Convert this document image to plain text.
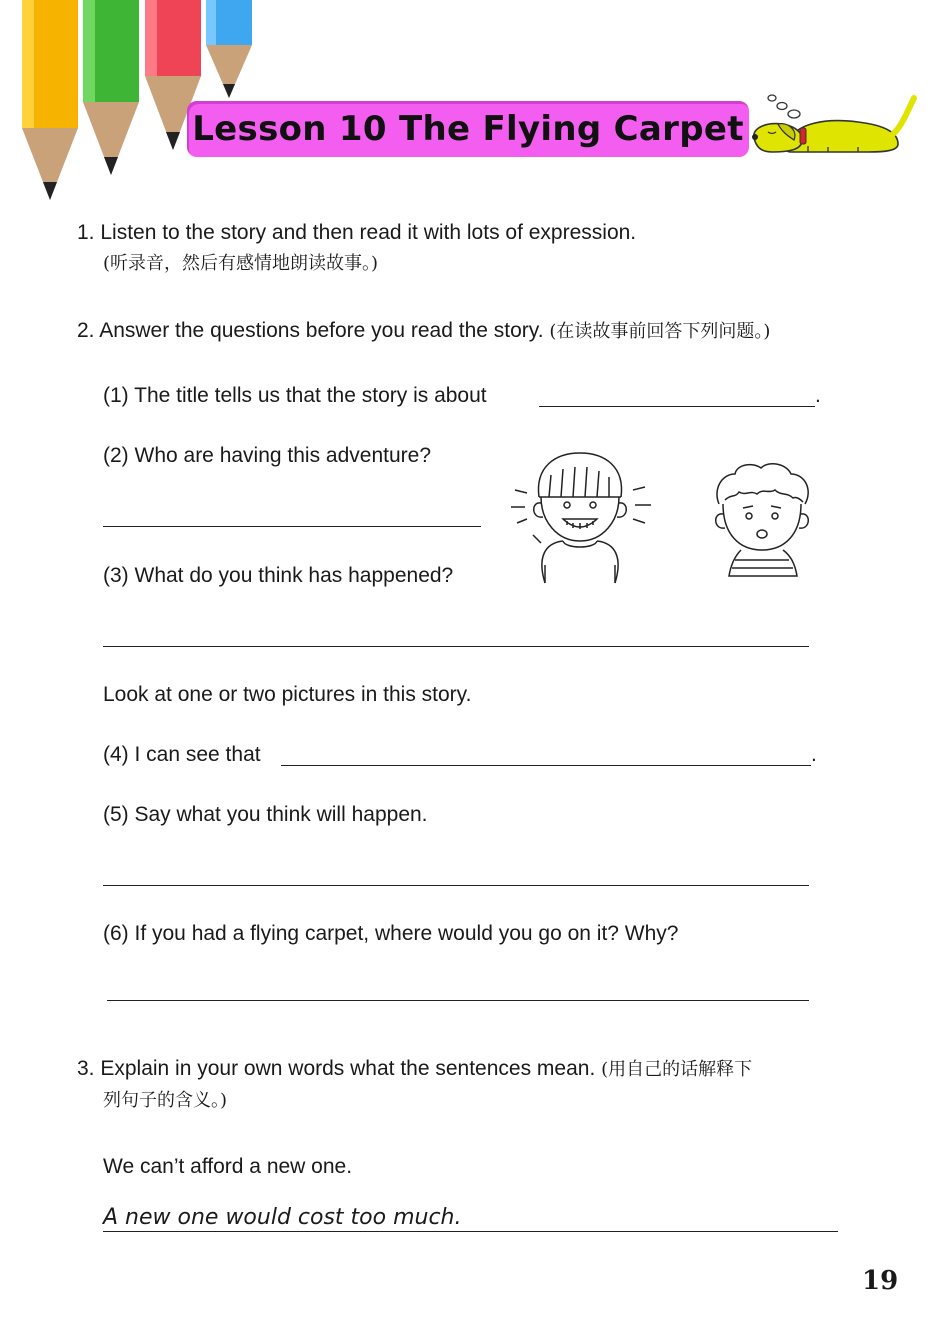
Lesson 10 The Flying Carpet
1. Listen to the story and then read it with lots of expression.
(听录音，然后有感情地朗读故事。)
2. Answer the questions before you read the story. (在读故事前回答下列问题。)
(1) The title tells us that the story is about	.
(2) Who are having this adventure?
(3) What do you think has happened?
Look at one or two pictures in this story.
(4) I can see that	.
(5) Say what you think will happen.
(6) If you had a flying carpet, where would you go on it? Why?
3. Explain in your own words what the sentences mean. (用自己的话解释下
列句子的含义。)
We can’t afford a new one.
A new one would cost too much.
19
